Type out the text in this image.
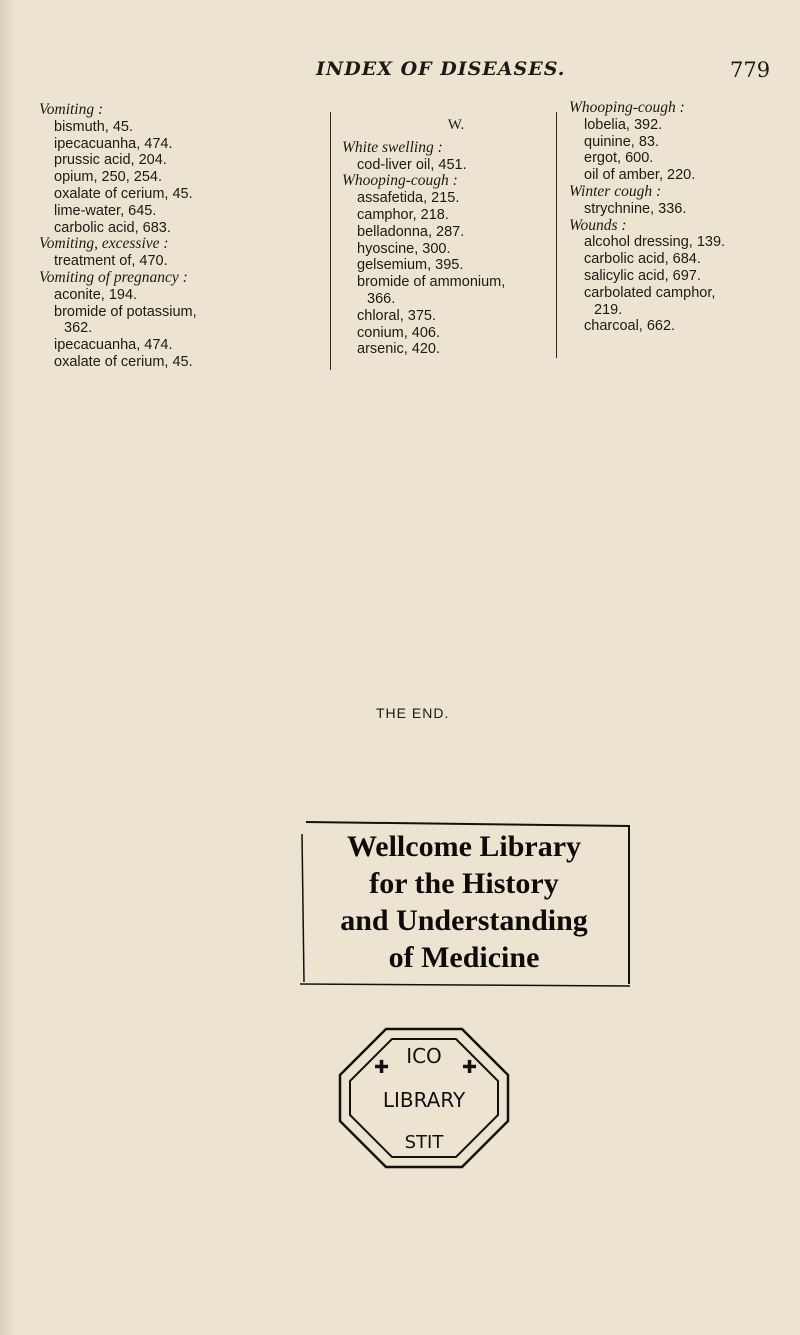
INDEX OF DISEASES.	779
Vomiting :
bismuth, 45.
ipecacuanha, 474.
prussic acid, 204.
opium, 250, 254.
oxalate of cerium, 45.
lime-water, 645.
carbolic acid, 683.
Vomiting, excessive :
treatment of, 470.
Vomiting of pregnancy :
aconite, 194.
bromide of potassium,
362.
ipecacuanha, 474.
oxalate of cerium, 45.
W.
White swelling :
cod-liver oil, 451.
Whooping-cough :
assafetida, 215.
camphor, 218.
belladonna, 287.
hyoscine, 300.
gelsemium, 395.
bromide of ammonium,
366.
chloral, 375.
conium, 406.
arsenic, 420.
Whooping-cough :
lobelia, 392.
quinine, 83.
ergot, 600.
oil of amber, 220.
Winter cough :
strychnine, 336.
Wounds :
alcohol dressing, 139.
carbolic acid, 684.
salicylic acid, 697.
carbolated camphor,
219.
charcoal, 662.
THE END.
Wellcome Library
for the History
and Understanding
of Medicine
ICO
LIBRARY
STIT
✚	✚
